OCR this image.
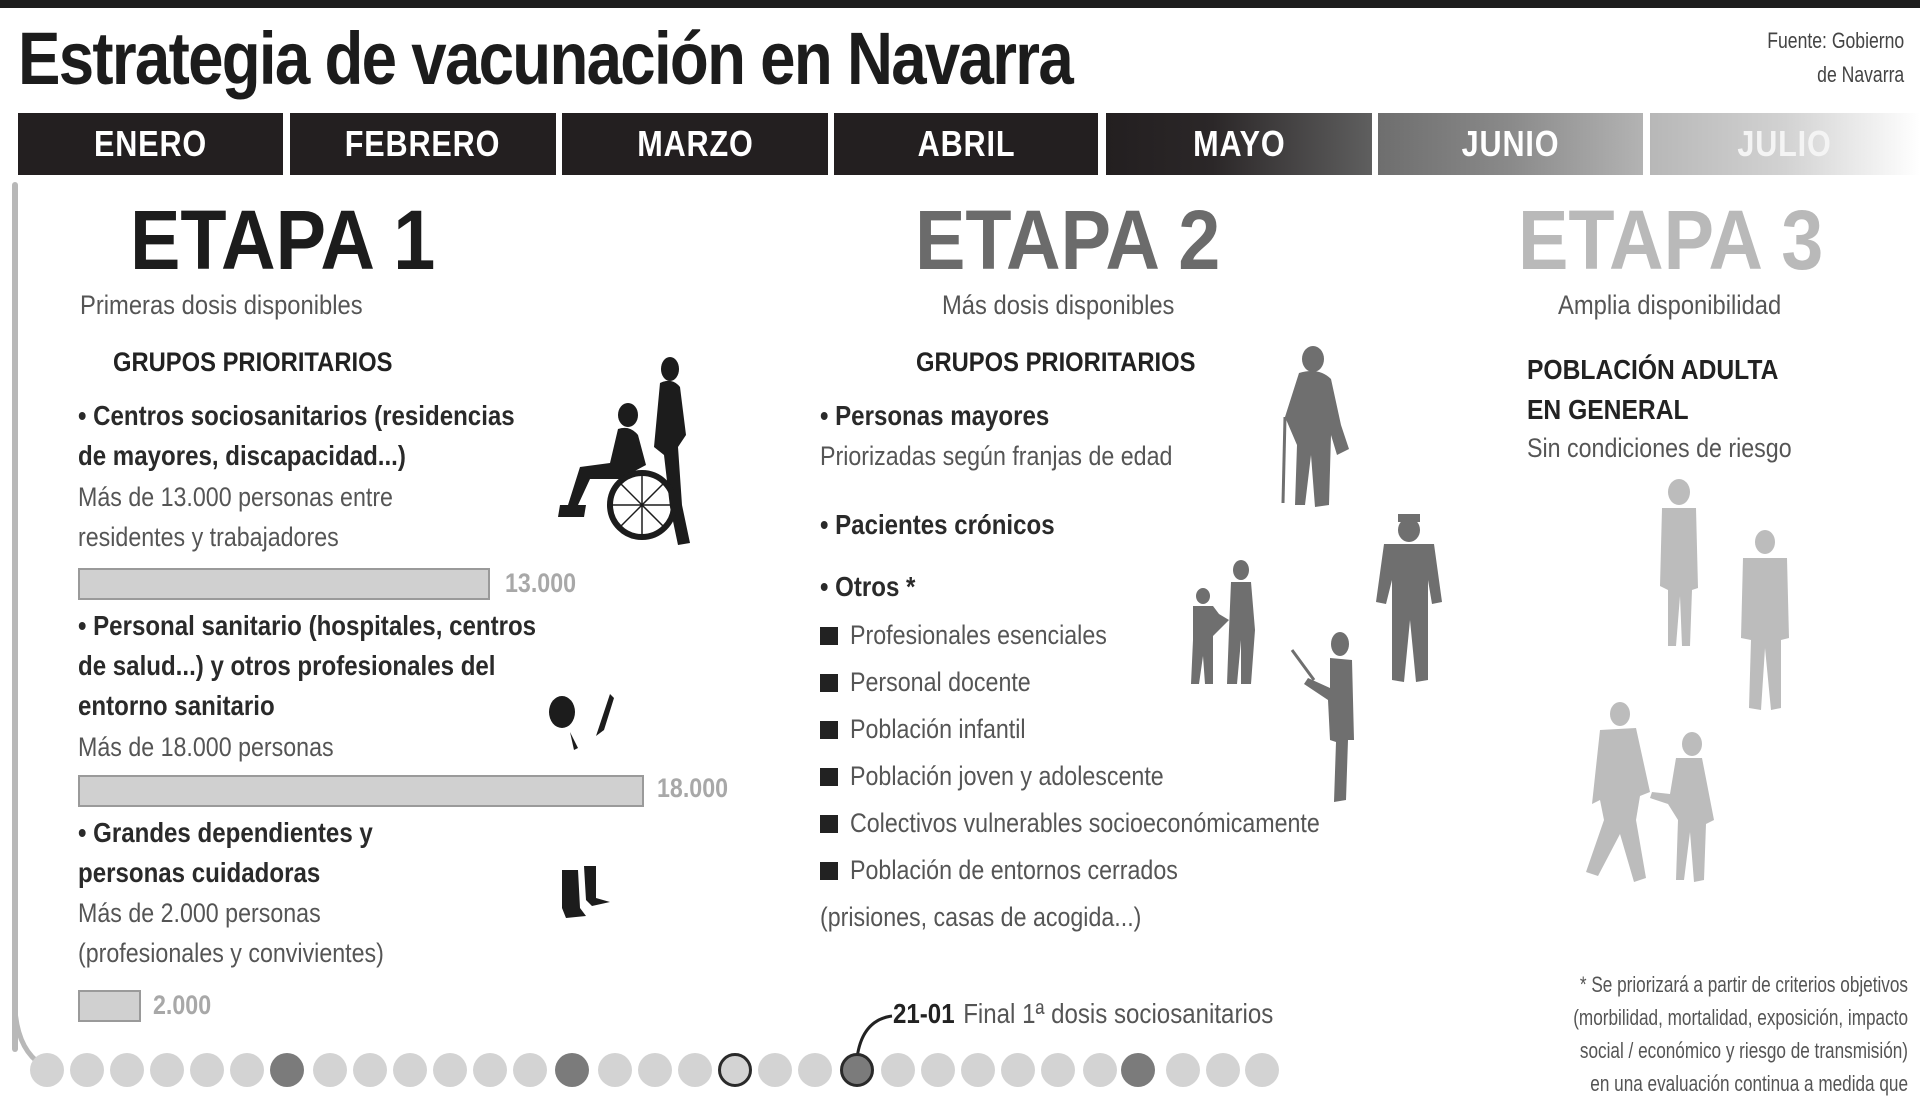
Estrategia de vacunación en Navarra	Fuente: Gobierno
de Navarra
ENERO	FEBRERO	MARZO	ABRIL	MAYO	JUNIO	JULIO
ETAPA 1
Primeras dosis disponibles
GRUPOS PRIORITARIOS
• Centros sociosanitarios (residencias
de mayores, discapacidad...)
Más de 13.000 personas entre
residentes y trabajadores
13.000
• Personal sanitario (hospitales, centros
de salud...) y otros profesionales del
entorno sanitario
Más de 18.000 personas
18.000
• Grandes dependientes y
personas cuidadoras
Más de 2.000 personas
(profesionales y convivientes)
2.000
ETAPA 2
Más dosis disponibles
GRUPOS PRIORITARIOS
• Personas mayores
Priorizadas según franjas de edad
• Pacientes crónicos
• Otros *
Profesionales esenciales
Personal docente
Población infantil
Población joven y adolescente
Colectivos vulnerables socioeconómicamente
Población de entornos cerrados
(prisiones, casas de acogida...)
ETAPA 3
Amplia disponibilidad
POBLACIÓN ADULTA
EN GENERAL
Sin condiciones de riesgo
* Se priorizará a partir de criterios objetivos
(morbilidad, mortalidad, exposición, impacto
social / económico y riesgo de transmisión)
en una evaluación continua a medida que
21-01 Final 1ª dosis sociosanitarios
